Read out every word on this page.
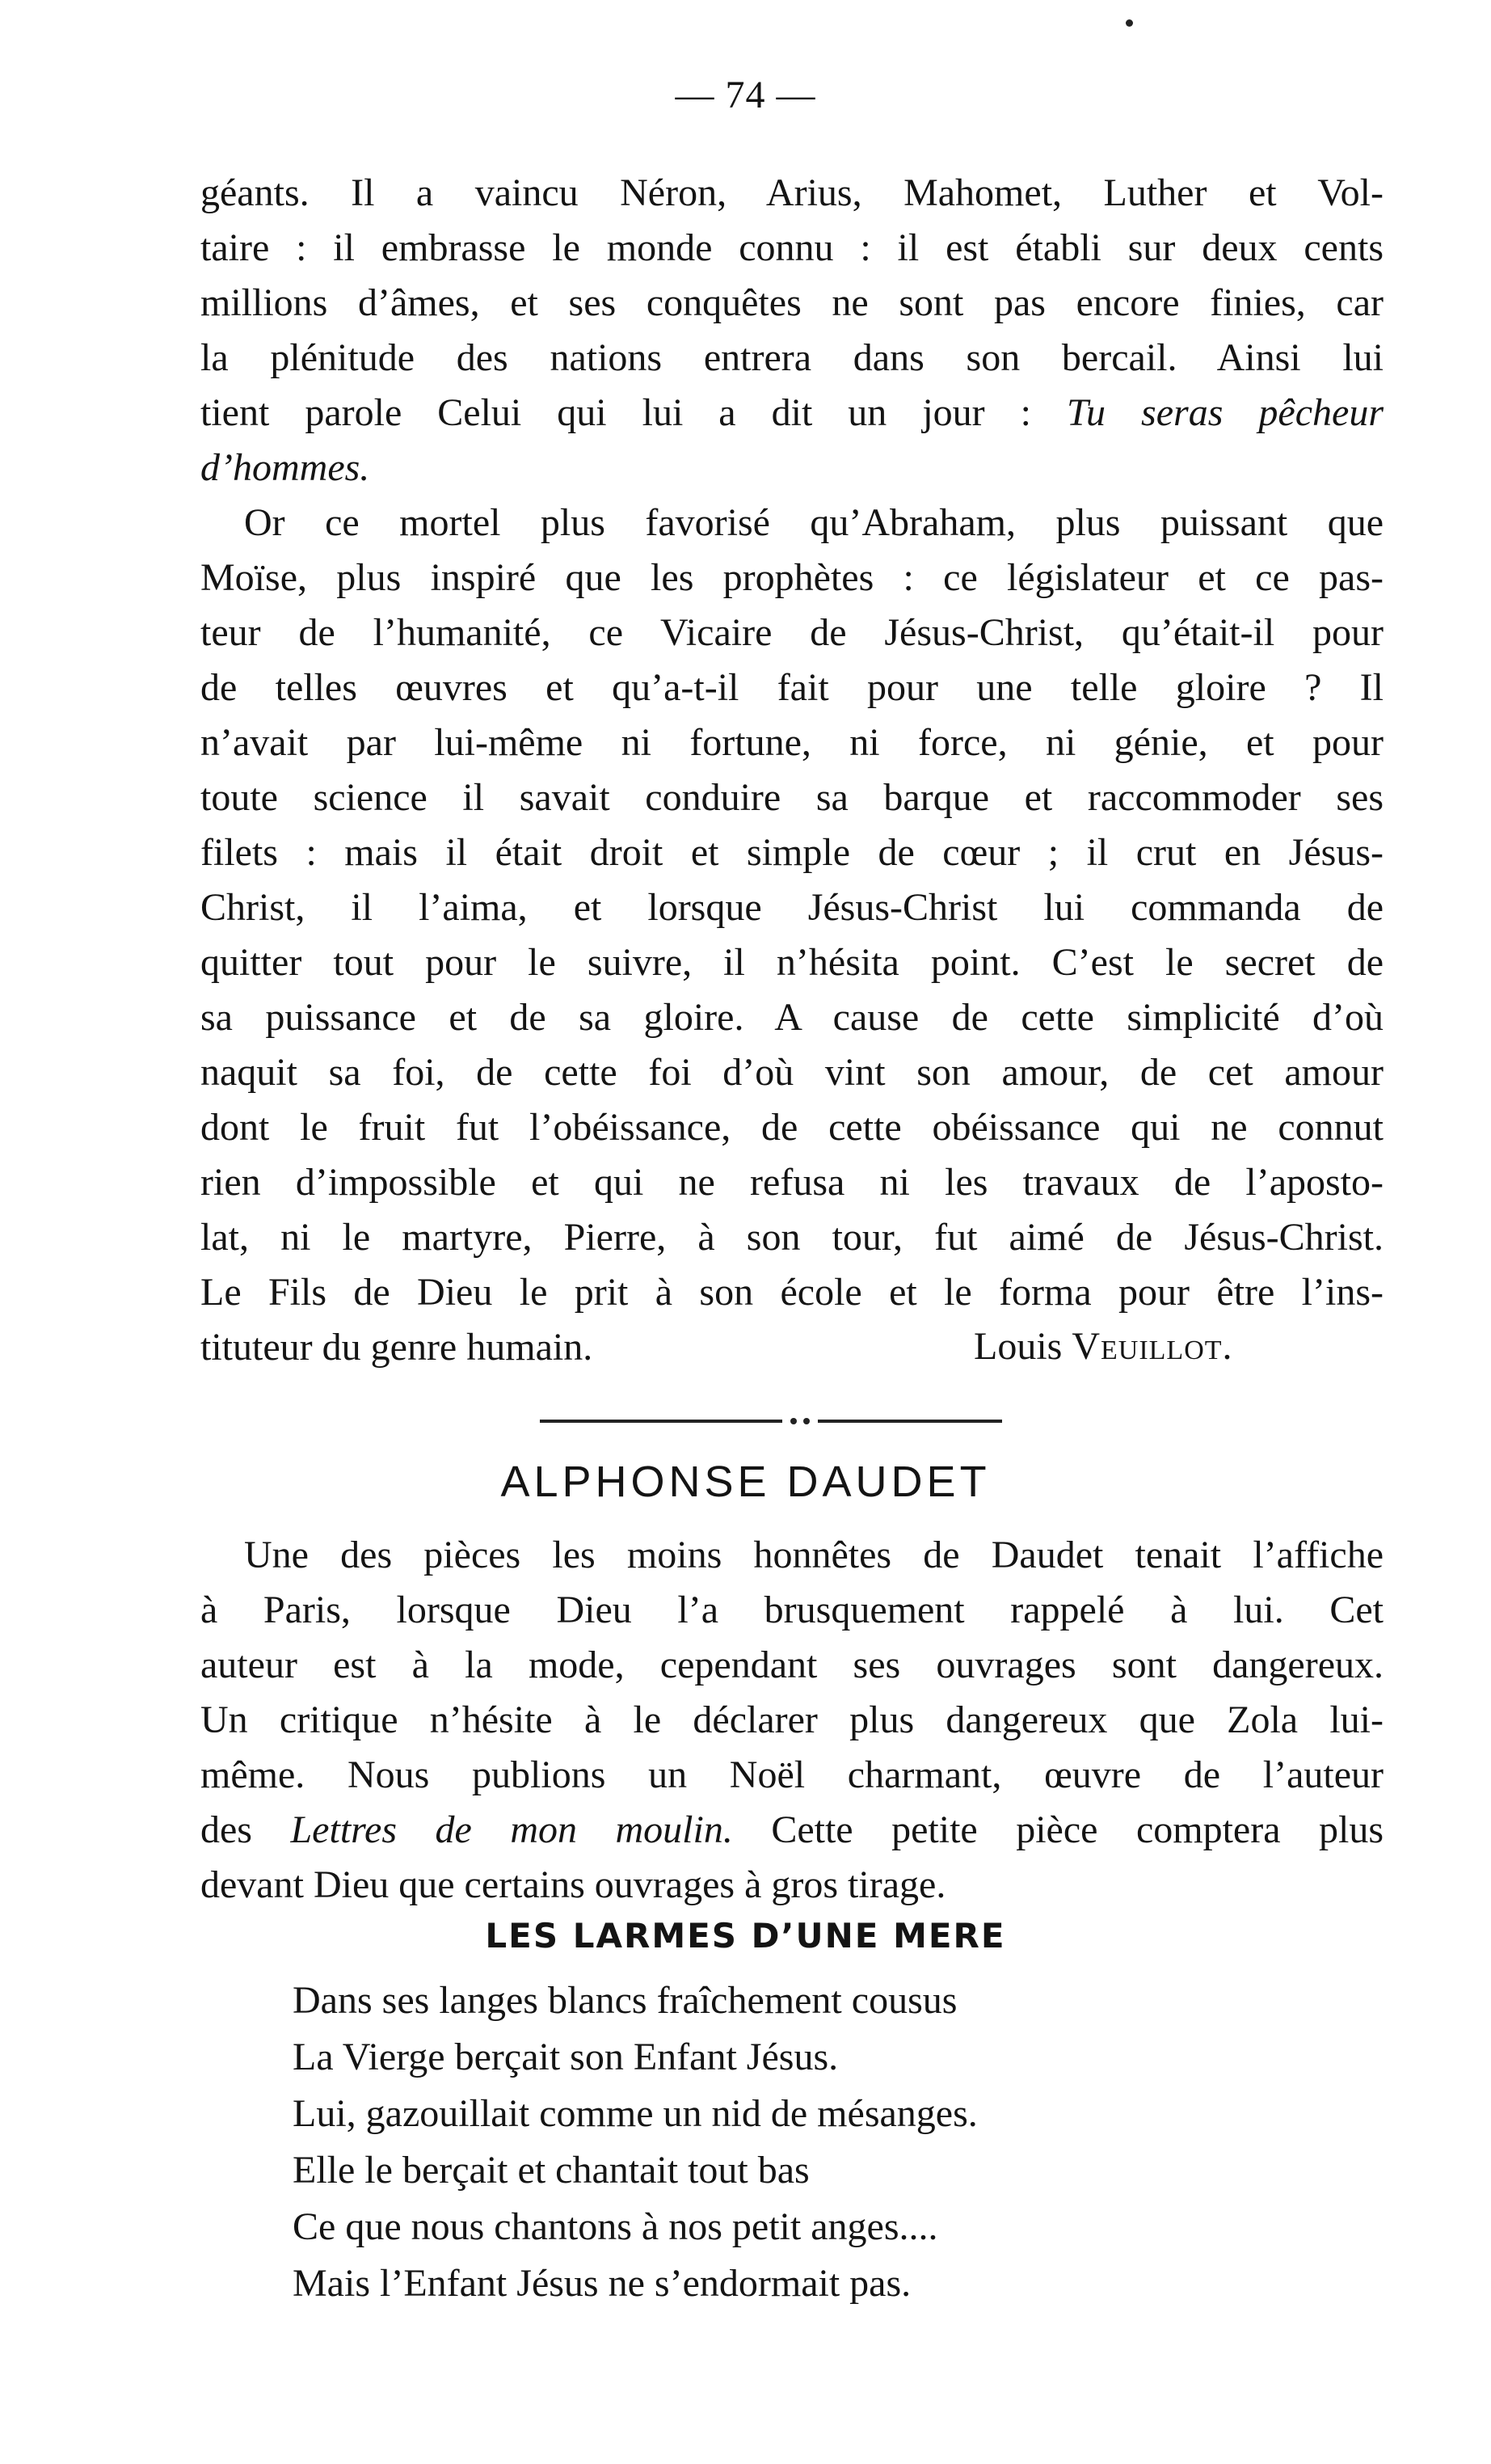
— 74 —
géants. Il a vaincu Néron, Arius, Mahomet, Luther et Vol-
taire : il embrasse le monde connu : il est établi sur deux cents
millions d’âmes, et ses conquêtes ne sont pas encore finies, car
la plénitude des nations entrera dans son bercail. Ainsi lui
tient parole Celui qui lui a dit un jour : Tu seras pêcheur
d’hommes.
Or ce mortel plus favorisé qu’Abraham, plus puissant que
Moïse, plus inspiré que les prophètes : ce législateur et ce pas-
teur de l’humanité, ce Vicaire de Jésus-Christ, qu’était-il pour
de telles œuvres et qu’a-t-il fait pour une telle gloire ? Il
n’avait par lui-même ni fortune, ni force, ni génie, et pour
toute science il savait conduire sa barque et raccommoder ses
filets : mais il était droit et simple de cœur ; il crut en Jésus-
Christ, il l’aima, et lorsque Jésus-Christ lui commanda de
quitter tout pour le suivre, il n’hésita point. C’est le secret de
sa puissance et de sa gloire. A cause de cette simplicité d’où
naquit sa foi, de cette foi d’où vint son amour, de cet amour
dont le fruit fut l’obéissance, de cette obéissance qui ne connut
rien d’impossible et qui ne refusa ni les travaux de l’aposto-
lat, ni le martyre, Pierre, à son tour, fut aimé de Jésus-Christ.
Le Fils de Dieu le prit à son école et le forma pour être l’ins-
tituteur du genre humain.	Louis Veuillot.
ALPHONSE DAUDET
Une des pièces les moins honnêtes de Daudet tenait l’affiche
à Paris, lorsque Dieu l’a brusquement rappelé à lui. Cet
auteur est à la mode, cependant ses ouvrages sont dangereux.
Un critique n’hésite à le déclarer plus dangereux que Zola lui-
même. Nous publions un Noël charmant, œuvre de l’auteur
des Lettres de mon moulin. Cette petite pièce comptera plus
devant Dieu que certains ouvrages à gros tirage.
LES LARMES D’UNE MERE
Dans ses langes blancs fraîchement cousus
La Vierge berçait son Enfant Jésus.
Lui, gazouillait comme un nid de mésanges.
Elle le berçait et chantait tout bas
Ce que nous chantons à nos petit anges....
Mais l’Enfant Jésus ne s’endormait pas.
